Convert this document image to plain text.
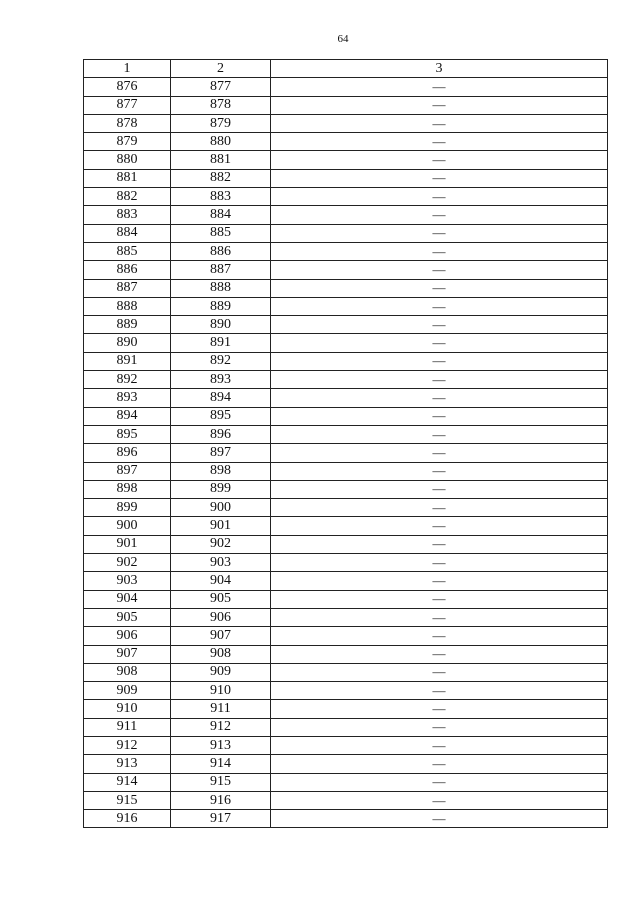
64
1	2	3
876	877	—
877	878	—
878	879	—
879	880	—
880	881	—
881	882	—
882	883	—
883	884	—
884	885	—
885	886	—
886	887	—
887	888	—
888	889	—
889	890	—
890	891	—
891	892	—
892	893	—
893	894	—
894	895	—
895	896	—
896	897	—
897	898	—
898	899	—
899	900	—
900	901	—
901	902	—
902	903	—
903	904	—
904	905	—
905	906	—
906	907	—
907	908	—
908	909	—
909	910	—
910	911	—
911	912	—
912	913	—
913	914	—
914	915	—
915	916	—
916	917	—
